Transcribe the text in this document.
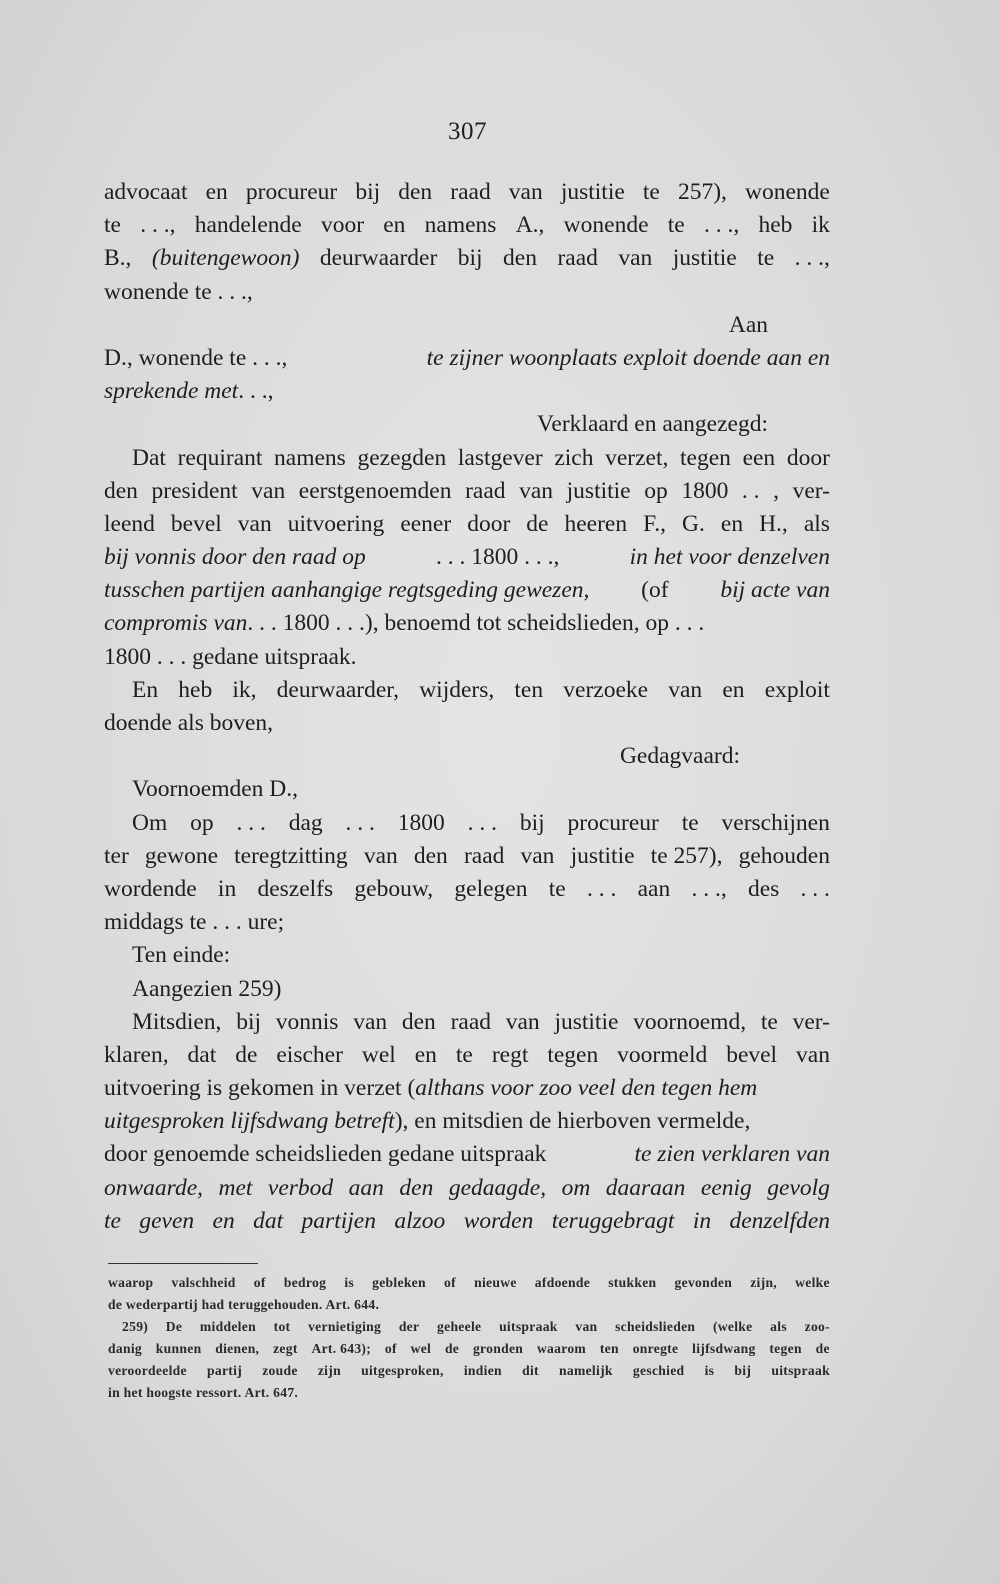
307
advocaat en procureur bij den raad van justitie te 257), wonende
te . . ., handelende voor en namens A., wonende te . . ., heb ik
B., (buitengewoon) deurwaarder bij den raad van justitie te . . .,
wonende te . . .,
Aan
D., wonende te . . .,	te zijner woonplaats exploit doende aan en
sprekende met . . .,
Verklaard en aangezegd:
Dat requirant namens gezegden lastgever zich verzet, tegen een door
den president van eerstgenoemden raad van justitie op 1800 . . , ver-
leend bevel van uitvoering eener door de heeren F., G. en H., als
bij vonnis door den raad op	. . . 1800 . . .,	in het voor denzelven
tusschen partijen aanhangige regtsgeding gewezen, (of bij acte van
compromis van . . . 1800 . . .), benoemd tot scheidslieden, op . . .
1800 . . . gedane uitspraak.
En heb ik, deurwaarder, wijders, ten verzoeke van en exploit
doende als boven,
Gedagvaard:
Voornoemden D.,
Om op . . . dag . . . 1800 . . . bij procureur te verschijnen
ter gewone teregtzitting van den raad van justitie te 257), gehouden
wordende in deszelfs gebouw, gelegen te . . . aan . . ., des . . .
middags te . . . ure;
Ten einde:
Aangezien 259)
Mitsdien, bij vonnis van den raad van justitie voornoemd, te ver-
klaren, dat de eischer wel en te regt tegen voormeld bevel van
uitvoering is gekomen in verzet ( althans voor zoo veel den tegen hem
uitgesproken lijfsdwang betreft ), en mitsdien de hierboven vermelde,
door genoemde scheidslieden gedane uitspraak	te zien verklaren van
onwaarde, met verbod aan den gedaagde, om daaraan eenig gevolg
te geven en dat partijen alzoo worden teruggebragt in denzelfden
waarop valschheid of bedrog is gebleken of nieuwe afdoende stukken gevonden zijn, welke
de wederpartij had teruggehouden. Art. 644.
259) De middelen tot vernietiging der geheele uitspraak van scheidslieden (welke als zoo-
danig kunnen dienen, zegt Art. 643); of wel de gronden waarom ten onregte lijfsdwang tegen de
veroordeelde partij zoude zijn uitgesproken, indien dit namelijk geschied is bij uitspraak
in het hoogste ressort. Art. 647.
